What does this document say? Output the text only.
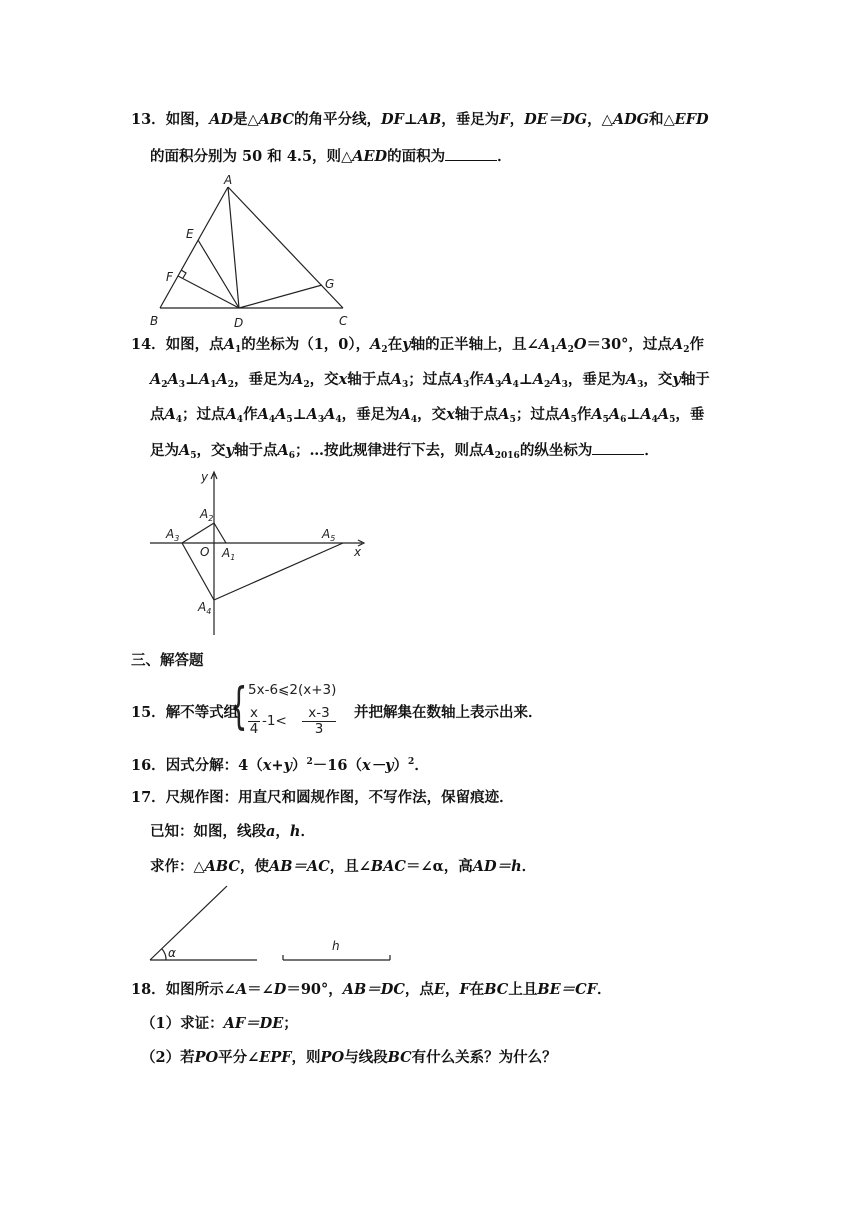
13．如图，AD是△ABC的角平分线，DF⊥AB，垂足为F，DE＝DG，△ADG和△EFD
的面积分别为 50 和 4.5，则△AED的面积为	．
A
E
F	G
B	D	C
14．如图，点$A_1$的坐标为（1，0），$A_2$在y轴的正半轴上，且$\angle A_1A_2O=30^\circ$，过点$A_2$作
$A_2A_3\perp A_1A_2$，垂足为$A_2$，交x轴于点$A_3$；过点$A_3$作$A_3A_4\perp A_2A_3$，垂足为$A_3$，交y轴于
点$A_4$；过点$A_4$作$A_4A_5\perp A_3A_4$，垂足为$A_4$，交x轴于点$A_5$；过点$A_5$作$A_5A_6\perp A_4A_5$，垂
足为$A_5$，交y轴于点$A_6$；…按此规律进行下去，则点$A_{2016}$的纵坐标为	．
y
x
$A_2$
$A_3$	$A_5$
O $A_1$
$A_4$
三、解答题
{ 5x-6⩽2(x+3)
$\frac{x}{4} -1< \frac{x-3}{3}$
15．解不等式组	并把解集在数轴上表示出来．
16．因式分解：$4(x+y)^2-16(x-y)^2$．
17．尺规作图：用直尺和圆规作图，不写作法，保留痕迹．
已知：如图，线段a，h．
求作：△ABC，使AB＝AC，且∠BAC＝∠α，高AD＝h．
α	h
18．如图所示∠A＝∠D＝90°，AB＝DC，点E，F在BC上且BE＝CF．
（1）求证：AF＝DE；
（2）若PO平分∠EPF，则PO与线段BC有什么关系？为什么？
